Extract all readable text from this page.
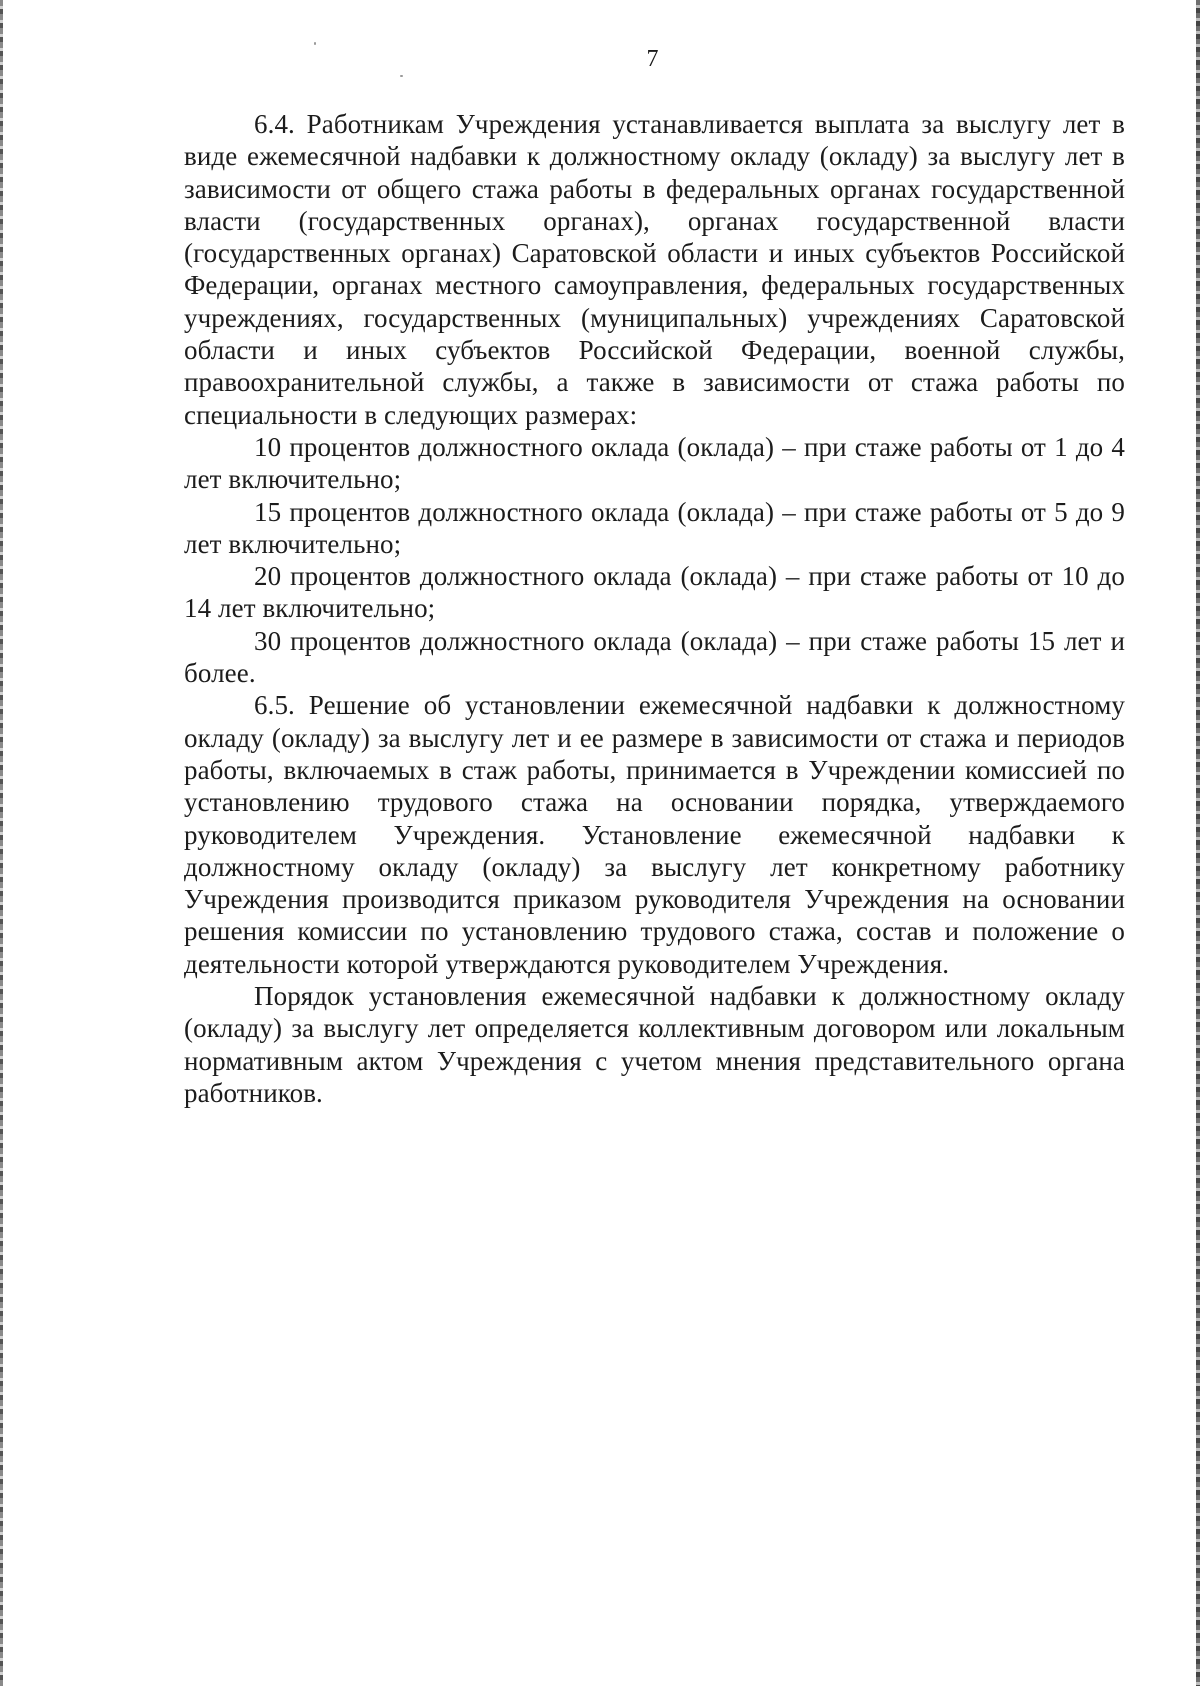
7

6.4. Работникам Учреждения устанавливается выплата за выслугу лет в виде ежемесячной надбавки к должностному окладу (окладу) за выслугу лет в зависимости от общего стажа работы в федеральных органах государственной власти (государственных органах), органах государственной власти (государственных органах) Саратовской области и иных субъектов Российской Федерации, органах местного самоуправления, федеральных государственных учреждениях, государственных (муниципальных) учреждениях Саратовской области и иных субъектов Российской Федерации, военной службы, правоохранительной службы, а также в зависимости от стажа работы по специальности в следующих размерах:

10 процентов должностного оклада (оклада) – при стаже работы от 1 до 4 лет включительно;

15 процентов должностного оклада (оклада) – при стаже работы от 5 до 9 лет включительно;

20 процентов должностного оклада (оклада) – при стаже работы от 10 до 14 лет включительно;

30 процентов должностного оклада (оклада) – при стаже работы 15 лет и более.

6.5. Решение об установлении ежемесячной надбавки к должностному окладу (окладу) за выслугу лет и ее размере в зависимости от стажа и периодов работы, включаемых в стаж работы, принимается в Учреждении комиссией по установлению трудового стажа на основании порядка, утверждаемого руководителем Учреждения. Установление ежемесячной надбавки к должностному окладу (окладу) за выслугу лет конкретному работнику Учреждения производится приказом руководителя Учреждения на основании решения комиссии по установлению трудового стажа, состав и положение о деятельности которой утверждаются руководителем Учреждения.

Порядок установления ежемесячной надбавки к должностному окладу (окладу) за выслугу лет определяется коллективным договором или локальным нормативным актом Учреждения с учетом мнения представительного органа работников.
